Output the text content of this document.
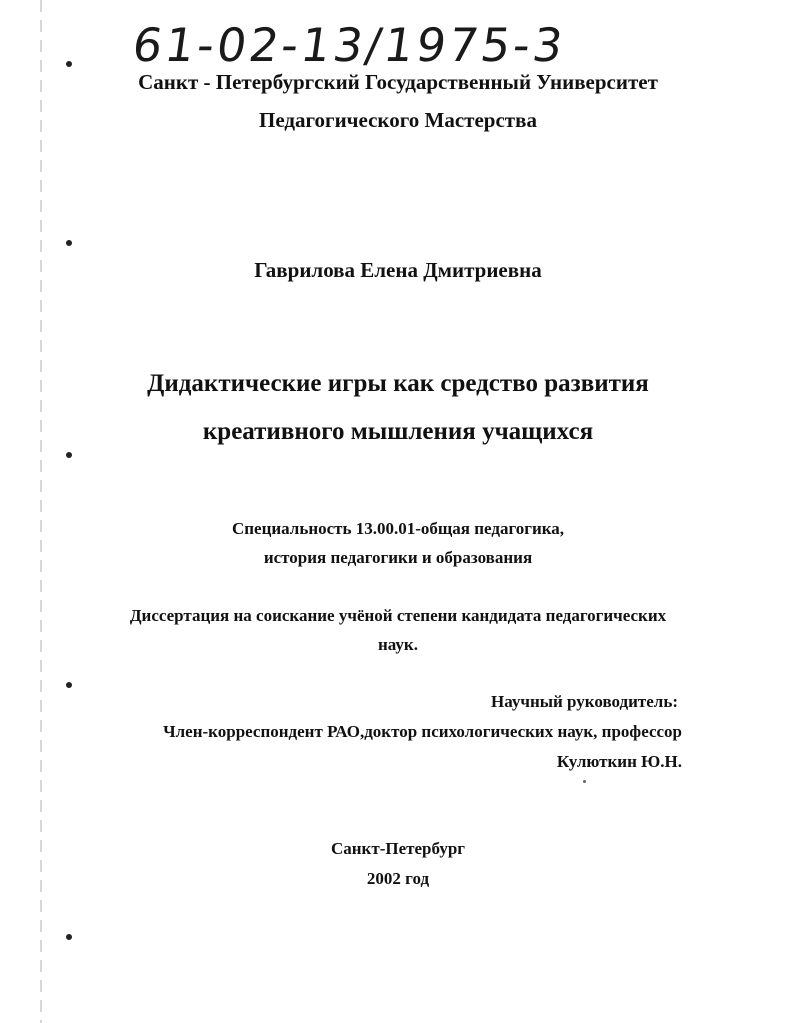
61-02-13/1975-3
Санкт - Петербургский Государственный Университет
Педагогического Мастерства
Гаврилова Елена Дмитриевна
Дидактические игры как средство развития
креативного мышления учащихся
Специальность 13.00.01-общая педагогика,
история педагогики и образования
Диссертация на соискание учёной степени кандидата педагогических
наук.
Научный руководитель:
Член-корреспондент РАО,доктор психологических наук, профессор
Кулюткин Ю.Н.
Санкт-Петербург
2002 год
